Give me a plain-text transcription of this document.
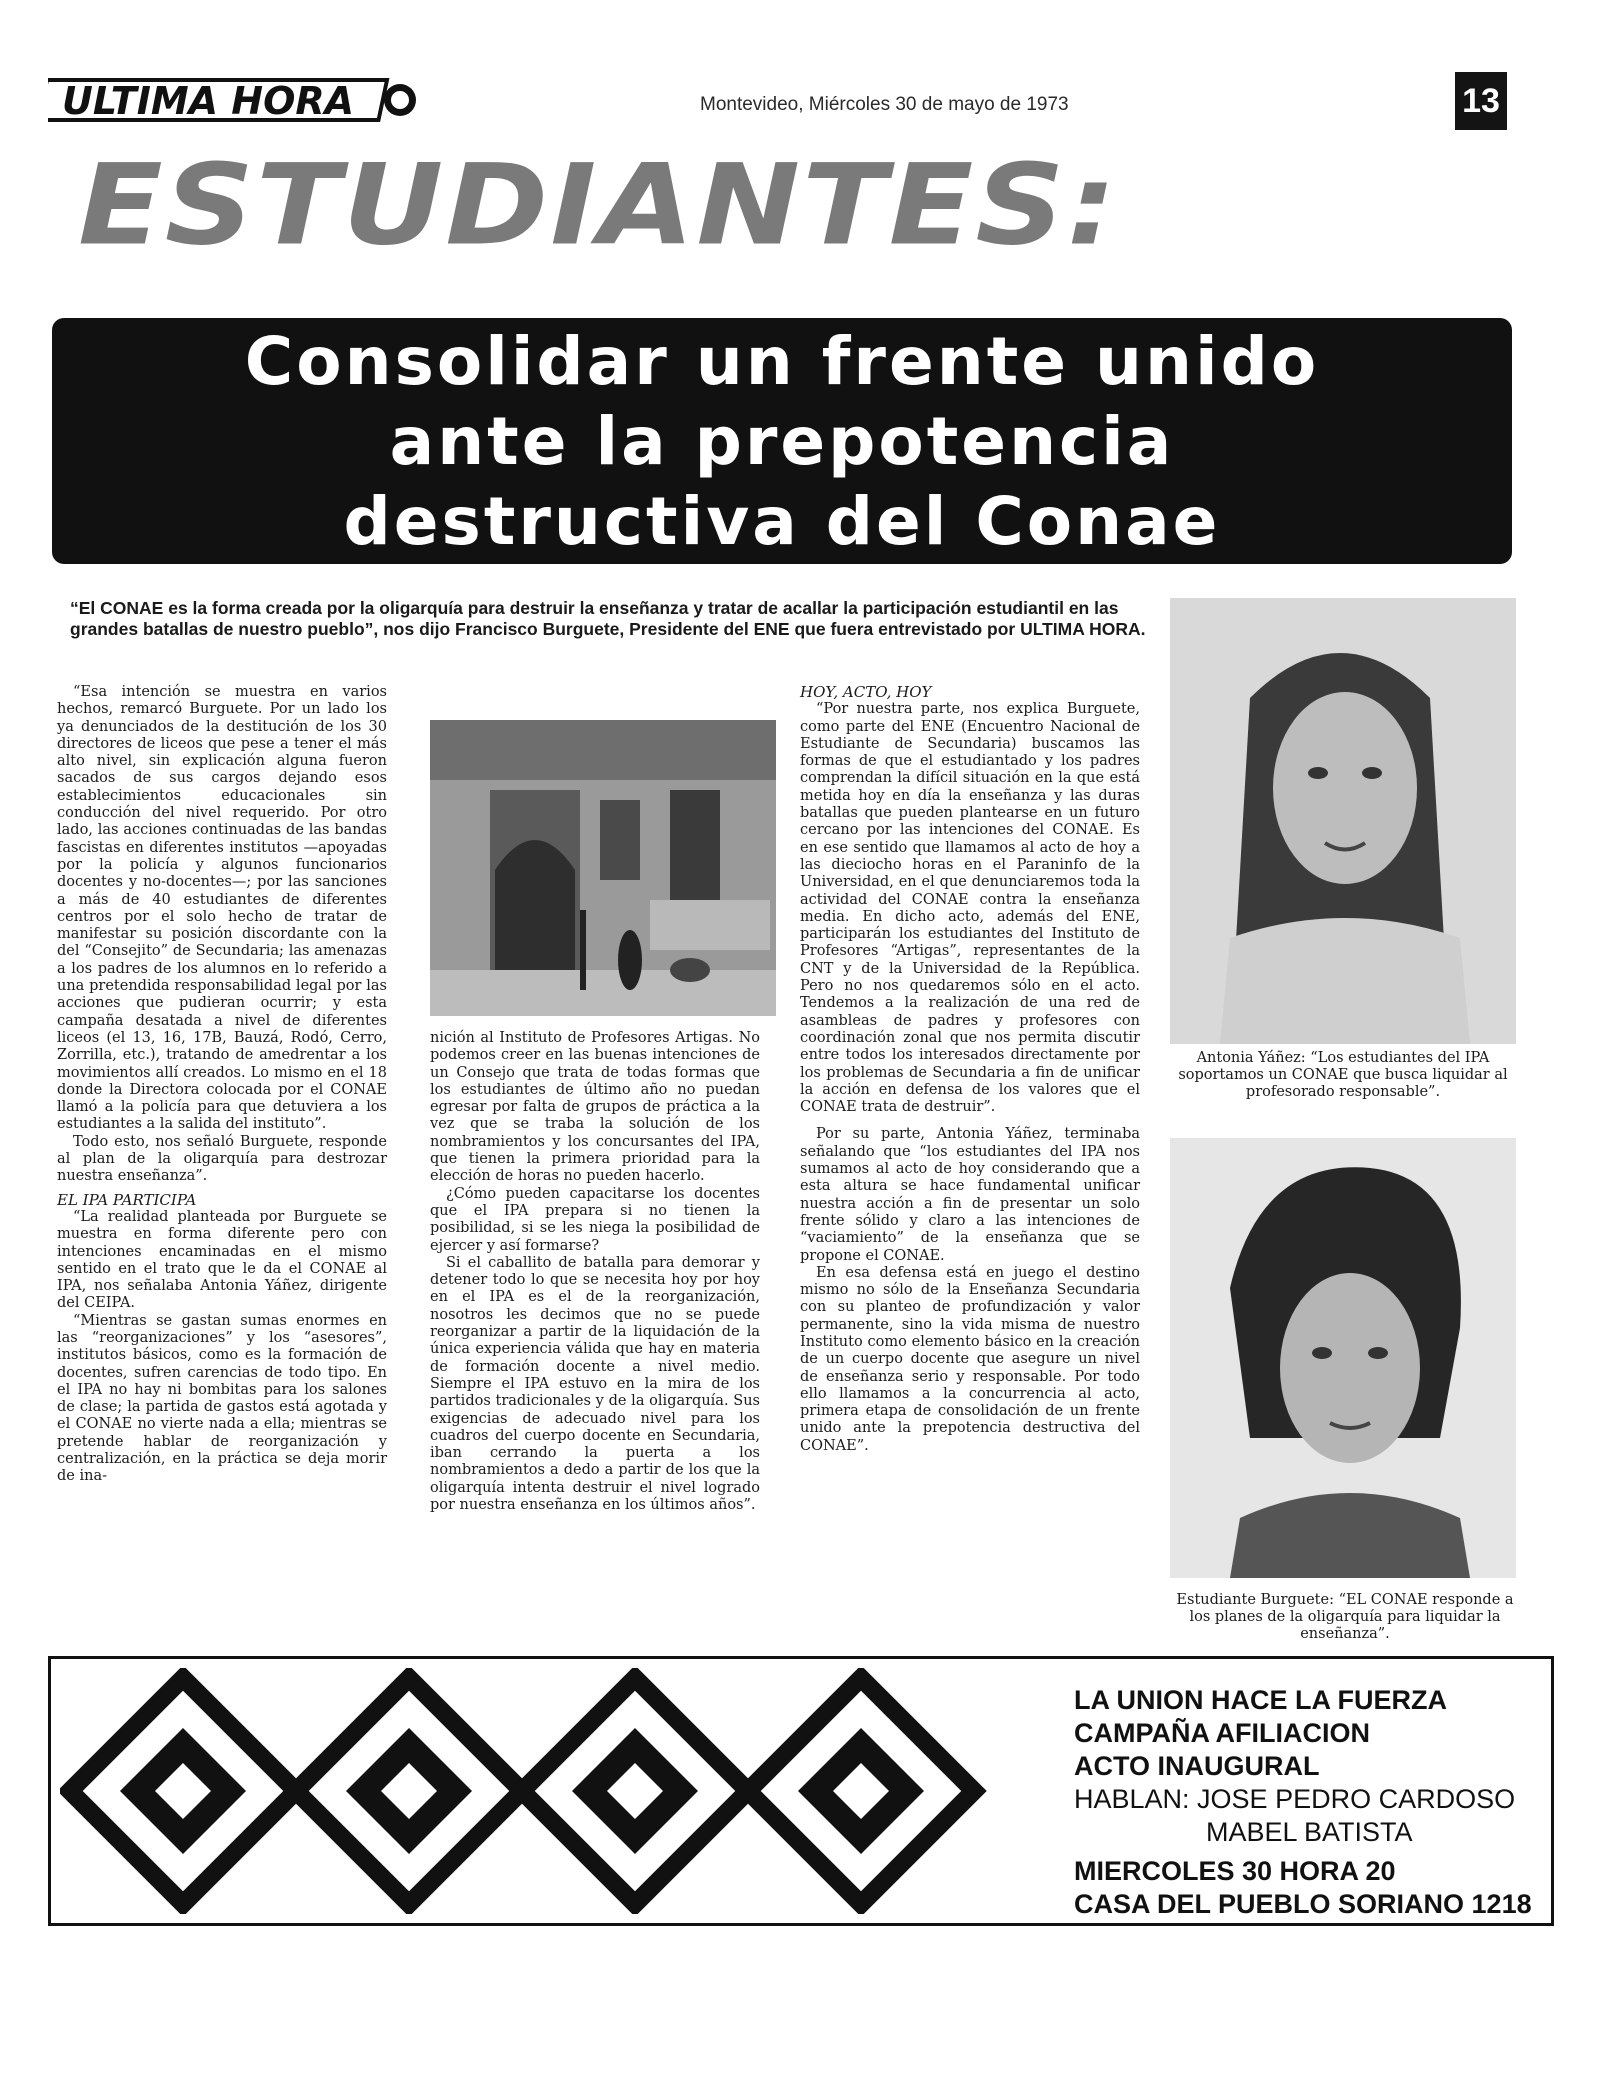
ULTIMA HORA	Montevideo, Miércoles 30 de mayo de 1973	13
ESTUDIANTES:
Consolidar un frente unido
ante la prepotencia
destructiva del Conae
“El CONAE es la forma creada por la oligarquía para destruir la enseñanza y tratar de acallar la participación estudiantil en las grandes batallas de nuestro pueblo”, nos dijo Francisco Burguete, Presidente del ENE que fuera entrevistado por ULTIMA HORA.

“Esa intención se muestra en varios hechos, remarcó Burguete. Por un lado los ya denunciados de la destitución de los 30 directores de liceos que pese a tener el más alto nivel, sin explicación alguna fueron sacados de sus cargos dejando esos establecimientos educacionales sin conducción del nivel requerido. Por otro lado, las acciones continuadas de las bandas fascistas en diferentes institutos —apoyadas por la policía y algunos funcionarios docentes y no-docentes—; por las sanciones a más de 40 estudiantes de diferentes centros por el solo hecho de tratar de manifestar su posición discordante con la del “Consejito” de Secundaria; las amenazas a los padres de los alumnos en lo referido a una pretendida responsabilidad legal por las acciones que pudieran ocurrir; y esta campaña desatada a nivel de diferentes liceos (el 13, 16, 17B, Bauzá, Rodó, Cerro, Zorrilla, etc.), tratando de amedrentar a los movimientos allí creados. Lo mismo en el 18 donde la Directora colocada por el CONAE llamó a la policía para que detuviera a los estudiantes a la salida del instituto”.

Todo esto, nos señaló Burguete, responde al plan de la oligarquía para destrozar nuestra enseñanza”.

EL IPA PARTICIPA

“La realidad planteada por Burguete se muestra en forma diferente pero con intenciones encaminadas en el mismo sentido en el trato que le da el CONAE al IPA, nos señalaba Antonia Yáñez, dirigente del CEIPA.

“Mientras se gastan sumas enormes en las “reorganizaciones” y los “asesores”, institutos básicos, como es la formación de docentes, sufren carencias de todo tipo. En el IPA no hay ni bombitas para los salones de clase; la partida de gastos está agotada y el CONAE no vierte nada a ella; mientras se pretende hablar de reorganización y centralización, en la práctica se deja morir de ina-

nición al Instituto de Profesores Artigas. No podemos creer en las buenas intenciones de un Consejo que trata de todas formas que los estudiantes de último año no puedan egresar por falta de grupos de práctica a la vez que se traba la solución de los nombramientos y los concursantes del IPA, que tienen la primera prioridad para la elección de horas no pueden hacerlo.

¿Cómo pueden capacitarse los docentes que el IPA prepara si no tienen la posibilidad, si se les niega la posibilidad de ejercer y así formarse?

Si el caballito de batalla para demorar y detener todo lo que se necesita hoy por hoy en el IPA es el de la reorganización, nosotros les decimos que no se puede reorganizar a partir de la liquidación de la única experiencia válida que hay en materia de formación docente a nivel medio. Siempre el IPA estuvo en la mira de los partidos tradicionales y de la oligarquía. Sus exigencias de adecuado nivel para los cuadros del cuerpo docente en Secundaria, iban cerrando la puerta a los nombramientos a dedo a partir de los que la oligarquía intenta destruir el nivel logrado por nuestra enseñanza en los últimos años”.

HOY, ACTO, HOY

“Por nuestra parte, nos explica Burguete, como parte del ENE (Encuentro Nacional de Estudiante de Secundaria) buscamos las formas de que el estudiantado y los padres comprendan la difícil situación en la que está metida hoy en día la enseñanza y las duras batallas que pueden plantearse en un futuro cercano por las intenciones del CONAE. Es en ese sentido que llamamos al acto de hoy a las dieciocho horas en el Paraninfo de la Universidad, en el que denunciaremos toda la actividad del CONAE contra la enseñanza media. En dicho acto, además del ENE, participarán los estudiantes del Instituto de Profesores “Artigas”, representantes de la CNT y de la Universidad de la República. Pero no nos quedaremos sólo en el acto. Tendemos a la realización de una red de asambleas de padres y profesores con coordinación zonal que nos permita discutir entre todos los interesados directamente por los problemas de Secundaria a fin de unificar la acción en defensa de los valores que el CONAE trata de destruir”.

Por su parte, Antonia Yáñez, terminaba señalando que “los estudiantes del IPA nos sumamos al acto de hoy considerando que a esta altura se hace fundamental unificar nuestra acción a fin de presentar un solo frente sólido y claro a las intenciones de “vaciamiento” de la enseñanza que se propone el CONAE.

En esa defensa está en juego el destino mismo no sólo de la Enseñanza Secundaria con su planteo de profundización y valor permanente, sino la vida misma de nuestro Instituto como elemento básico en la creación de un cuerpo docente que asegure un nivel de enseñanza serio y responsable. Por todo ello llamamos a la concurrencia al acto, primera etapa de consolidación de un frente unido ante la prepotencia destructiva del CONAE”.

Antonia Yáñez: “Los estudiantes del IPA soportamos un CONAE que busca liquidar al profesorado responsable”.
Estudiante Burguete: “EL CONAE responde a los planes de la oligarquía para liquidar la enseñanza”.
LA UNION HACE LA FUERZA
CAMPAÑA AFILIACION
ACTO INAUGURAL
HABLAN: JOSE PEDRO CARDOSO
MABEL BATISTA
MIERCOLES 30 HORA 20
CASA DEL PUEBLO SORIANO 1218
